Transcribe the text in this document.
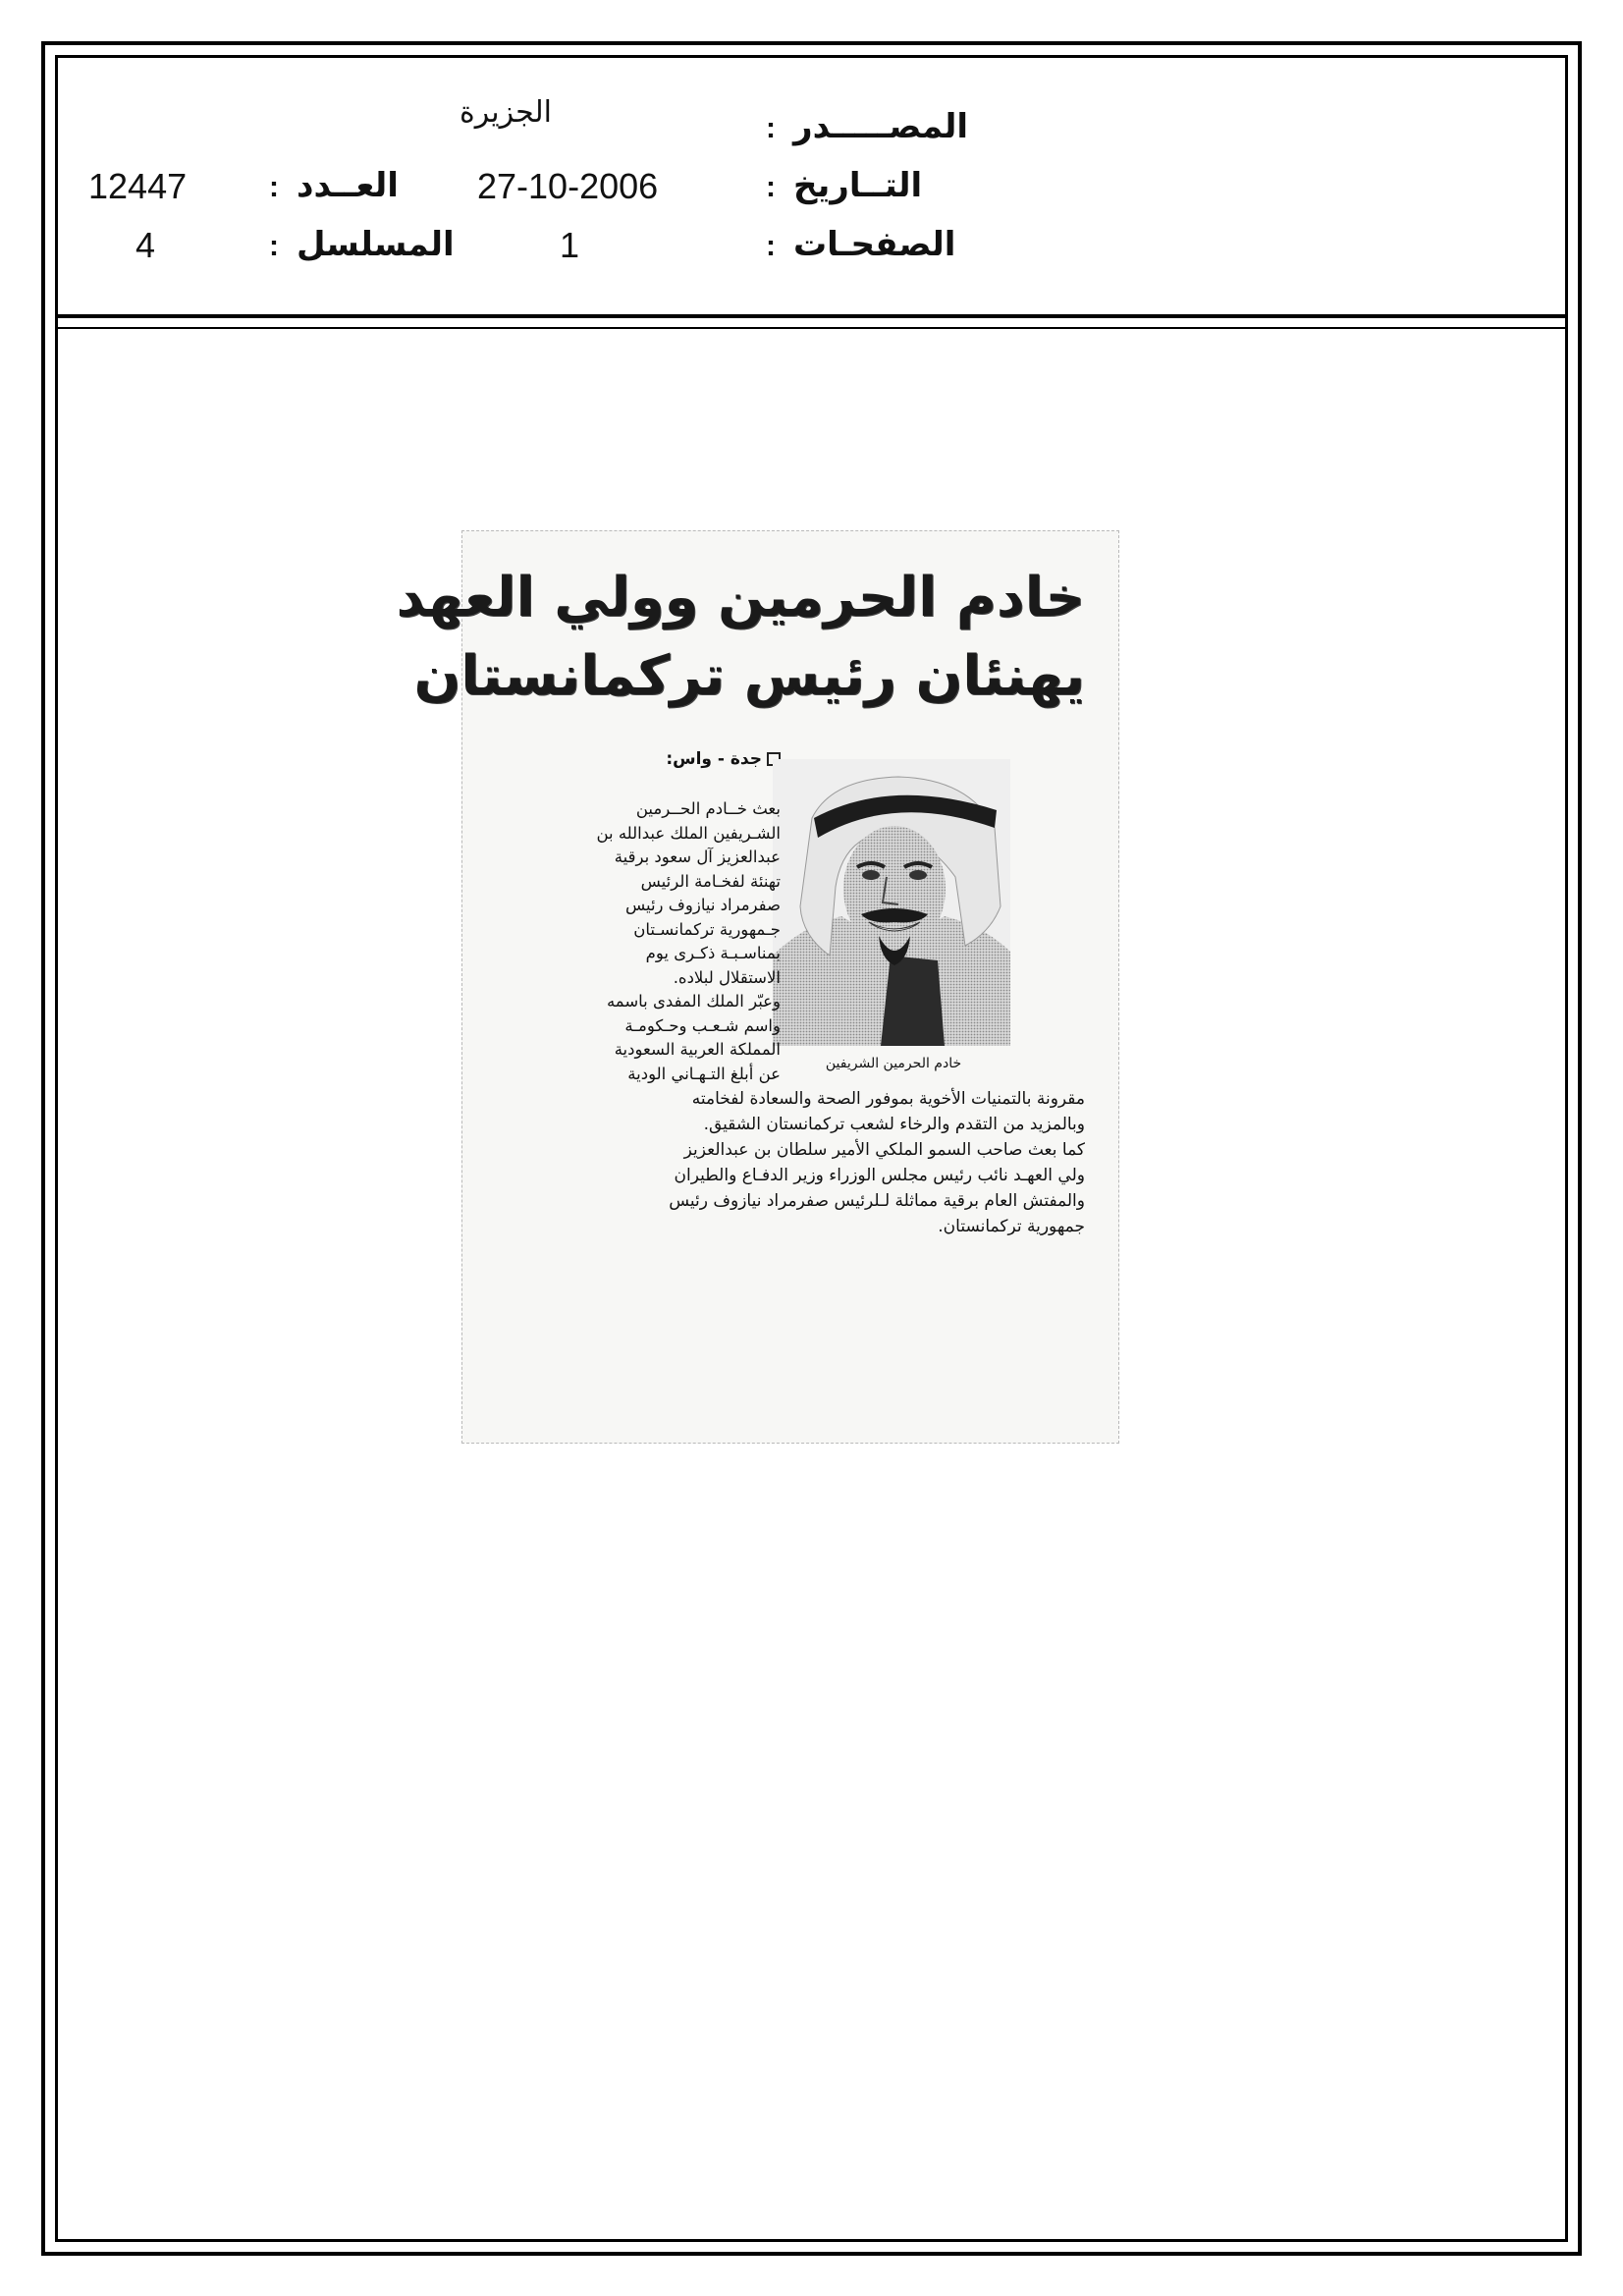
المصـــــدر
:
الجزيرة
التــاريخ
:
27-10-2006
العــدد
:
12447
الصفحـات
:
1
المسلسل
:
4
خادم الحرمين وولي العهد
يهنئان رئيس تركمانستان
جدة - واس:
خادم الحرمين الشريفين
بعث خــادم الحــرمين
الشـريفين الملك عبدالله بن
عبدالعزيز آل سعود برقية
تهنئة لفخـامة الرئيس
صفرمراد نيازوف رئيس
جـمهورية تركمانسـتان
بمناسـبـة ذكـرى يوم
الاستقلال لبلاده.
وعبّر الملك المفدى باسمه
واسم شـعـب وحـكومـة
المملكة العربية السعودية
عن أبلغ التـهـاني الودية
مقرونة بالتمنيات الأخوية بموفور الصحة والسعادة لفخامته
وبالمزيد من التقدم والرخاء لشعب تركمانستان الشقيق.
كما بعث صاحب السمو الملكي الأمير سلطان بن عبدالعزيز
ولي العهـد نائب رئيس مجلس الوزراء وزير الدفـاع والطيران
والمفتش العام برقية مماثلة لـلرئيس صفرمراد نيازوف رئيس
جمهورية تركمانستان.
